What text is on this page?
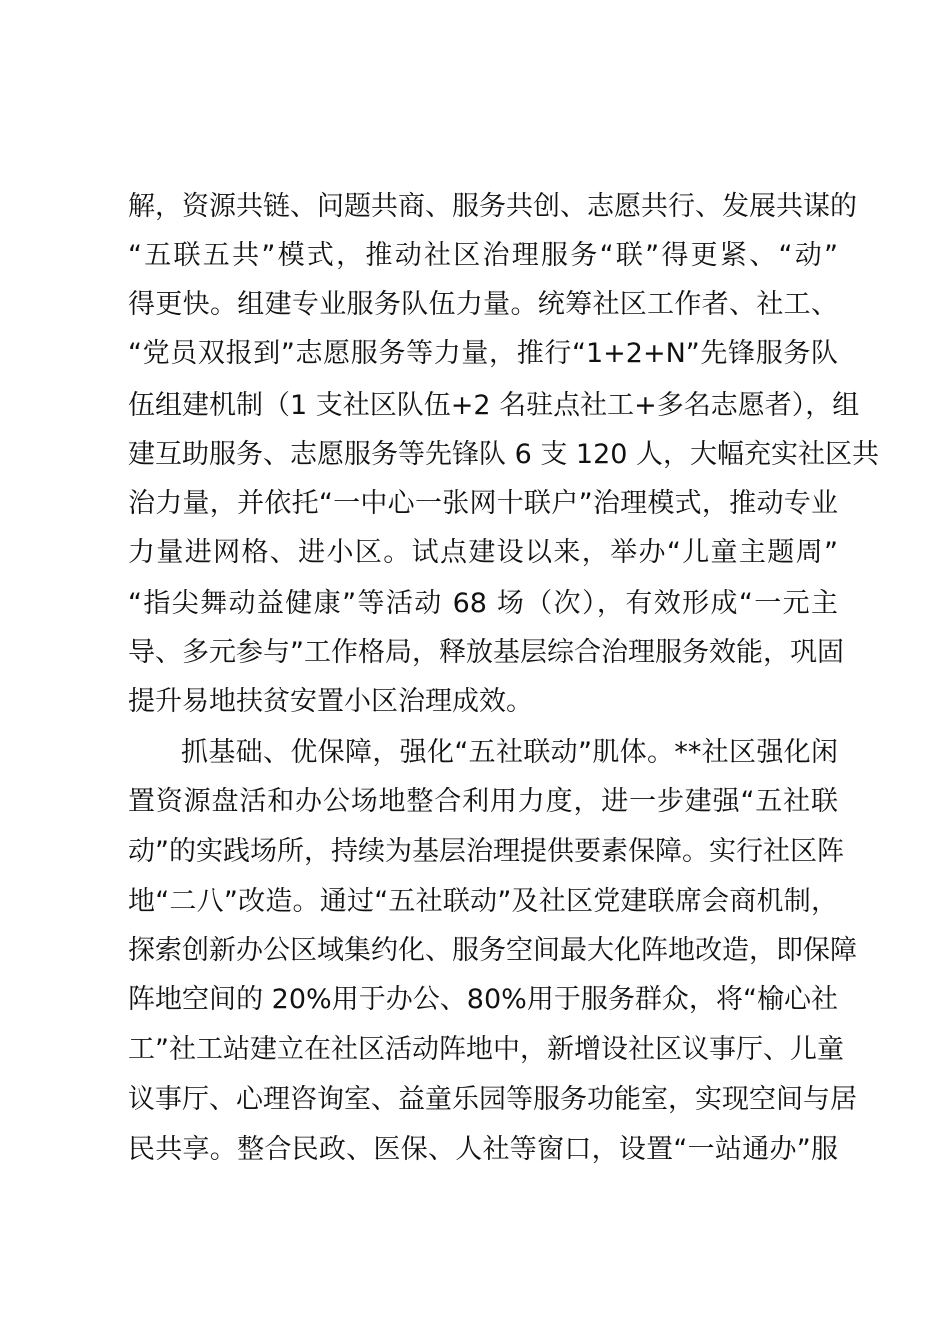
解，资源共链、问题共商、服务共创、志愿共行、发展共谋的
“五联五共”模式，推动社区治理服务“联”得更紧、“动”
得更快。组建专业服务队伍力量。统筹社区工作者、社工、
“党员双报到”志愿服务等力量，推行“1+2+N”先锋服务队
伍组建机制（1 支社区队伍+2 名驻点社工+多名志愿者），组
建互助服务、志愿服务等先锋队 6 支 120 人，大幅充实社区共
治力量，并依托“一中心一张网十联户”治理模式，推动专业
力量进网格、进小区。试点建设以来，举办“儿童主题周”
“指尖舞动益健康”等活动 68 场（次），有效形成“一元主
导、多元参与”工作格局，释放基层综合治理服务效能，巩固
提升易地扶贫安置小区治理成效。
抓基础、优保障，强化“五社联动”肌体。**社区强化闲
置资源盘活和办公场地整合利用力度，进一步建强“五社联
动”的实践场所，持续为基层治理提供要素保障。实行社区阵
地“二八”改造。通过“五社联动”及社区党建联席会商机制，
探索创新办公区域集约化、服务空间最大化阵地改造，即保障
阵地空间的 20%用于办公、80%用于服务群众，将“榆心社
工”社工站建立在社区活动阵地中，新增设社区议事厅、儿童
议事厅、心理咨询室、益童乐园等服务功能室，实现空间与居
民共享。整合民政、医保、人社等窗口，设置“一站通办”服
